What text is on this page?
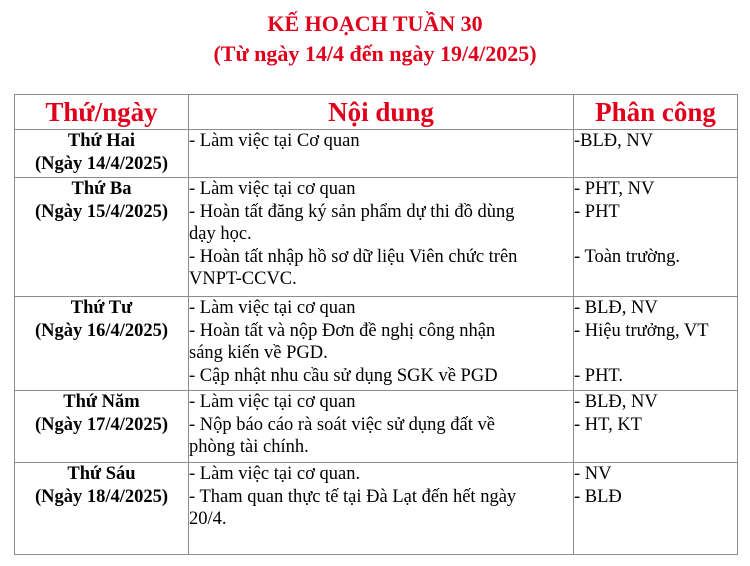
KẾ HOẠCH TUẦN 30
(Từ ngày 14/4 đến ngày 19/4/2025)
Thứ/ngày	Nội dung	Phân công

Thứ Hai
(Ngày 14/4/2025)	- Làm việc tại Cơ quan	-BLĐ, NV

Thứ Ba
(Ngày 15/4/2025)	- Làm việc tại cơ quan
- Hoàn tất đăng ký sản phẩm dự thi đồ dùng
dạy học.
- Hoàn tất nhập hồ sơ dữ liệu Viên chức trên
VNPT-CCVC.	- PHT, NV
- PHT
- Toàn trường.

Thứ Tư
(Ngày 16/4/2025)	- Làm việc tại cơ quan
- Hoàn tất và nộp Đơn đề nghị công nhận
sáng kiến về PGD.
- Cập nhật nhu cầu sử dụng SGK về PGD	- BLĐ, NV
- Hiệu trưởng, VT
- PHT.

Thứ Năm
(Ngày 17/4/2025)	- Làm việc tại cơ quan
- Nộp báo cáo rà soát việc sử dụng đất về
phòng tài chính.	- BLĐ, NV
- HT, KT

Thứ Sáu
(Ngày 18/4/2025)	- Làm việc tại cơ quan.
- Tham quan thực tế tại Đà Lạt đến hết ngày
20/4.	- NV
- BLĐ
